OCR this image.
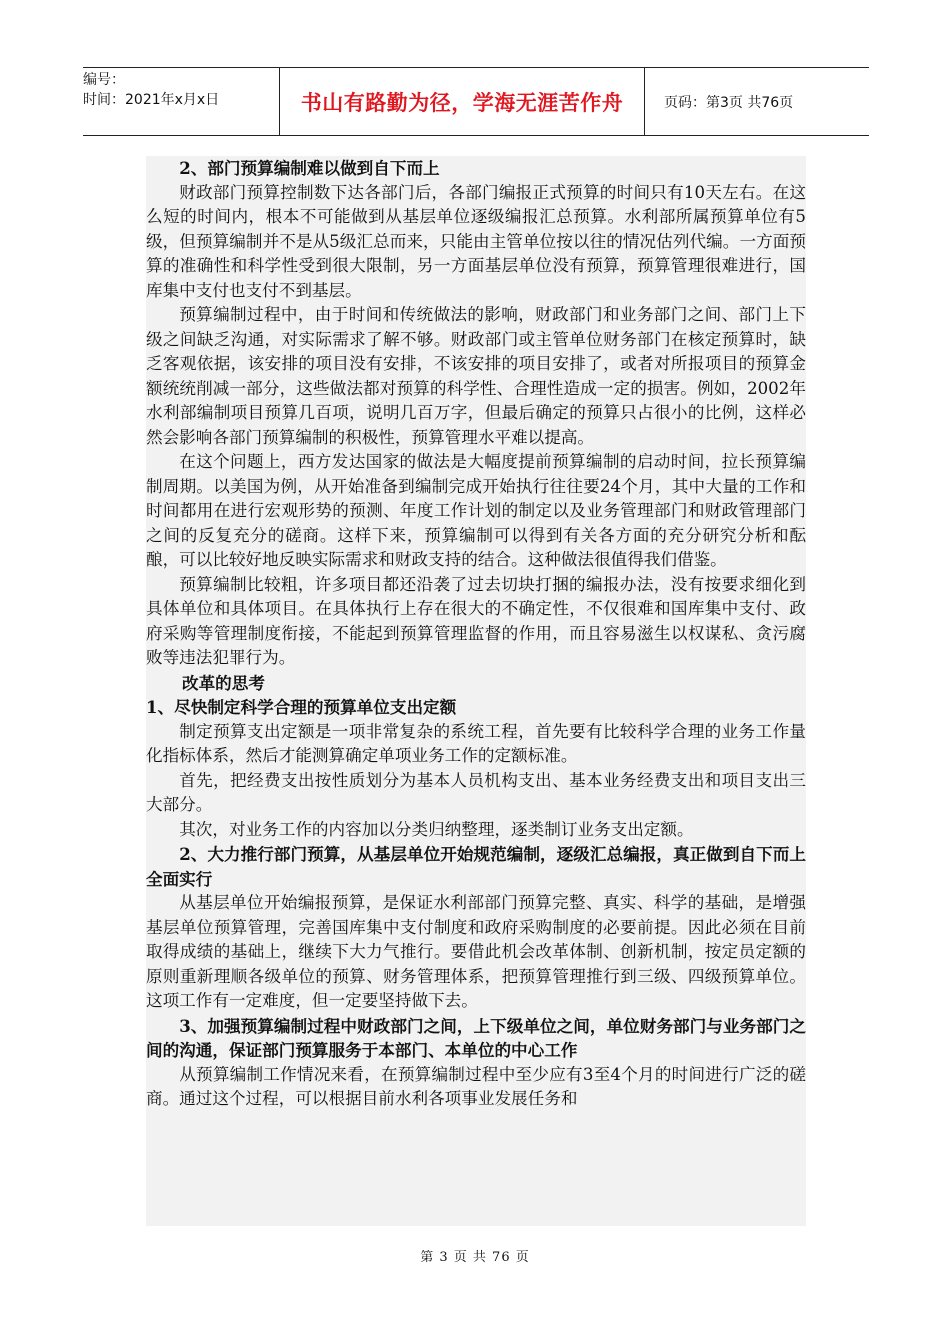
编号：
时间：2021年x月x日	书山有路勤为径，学海无涯苦作舟	页码：第3页 共76页

2、部门预算编制难以做到自下而上

财政部门预算控制数下达各部门后，各部门编报正式预算的时间只有10天左右。在这么短的时间内，根本不可能做到从基层单位逐级编报汇总预算。水利部所属预算单位有5级，但预算编制并不是从5级汇总而来，只能由主管单位按以往的情况估列代编。一方面预算的准确性和科学性受到很大限制，另一方面基层单位没有预算，预算管理很难进行，国库集中支付也支付不到基层。

预算编制过程中，由于时间和传统做法的影响，财政部门和业务部门之间、部门上下级之间缺乏沟通，对实际需求了解不够。财政部门或主管单位财务部门在核定预算时，缺乏客观依据，该安排的项目没有安排，不该安排的项目安排了，或者对所报项目的预算金额统统削减一部分，这些做法都对预算的科学性、合理性造成一定的损害。例如，2002年水利部编制项目预算几百项，说明几百万字，但最后确定的预算只占很小的比例，这样必然会影响各部门预算编制的积极性，预算管理水平难以提高。

在这个问题上，西方发达国家的做法是大幅度提前预算编制的启动时间，拉长预算编制周期。以美国为例，从开始准备到编制完成开始执行往往要24个月，其中大量的工作和时间都用在进行宏观形势的预测、年度工作计划的制定以及业务管理部门和财政管理部门之间的反复充分的磋商。这样下来，预算编制可以得到有关各方面的充分研究分析和酝酿，可以比较好地反映实际需求和财政支持的结合。这种做法很值得我们借鉴。

预算编制比较粗，许多项目都还沿袭了过去切块打捆的编报办法，没有按要求细化到具体单位和具体项目。在具体执行上存在很大的不确定性，不仅很难和国库集中支付、政府采购等管理制度衔接，不能起到预算管理监督的作用，而且容易滋生以权谋私、贪污腐败等违法犯罪行为。

改革的思考

1、尽快制定科学合理的预算单位支出定额

制定预算支出定额是一项非常复杂的系统工程，首先要有比较科学合理的业务工作量化指标体系，然后才能测算确定单项业务工作的定额标准。

首先，把经费支出按性质划分为基本人员机构支出、基本业务经费支出和项目支出三大部分。

其次，对业务工作的内容加以分类归纳整理，逐类制订业务支出定额。

2、大力推行部门预算，从基层单位开始规范编制，逐级汇总编报，真正做到自下而上全面实行

从基层单位开始编报预算，是保证水利部部门预算完整、真实、科学的基础，是增强基层单位预算管理，完善国库集中支付制度和政府采购制度的必要前提。因此必须在目前取得成绩的基础上，继续下大力气推行。要借此机会改革体制、创新机制，按定员定额的原则重新理顺各级单位的预算、财务管理体系，把预算管理推行到三级、四级预算单位。这项工作有一定难度，但一定要坚持做下去。

3、加强预算编制过程中财政部门之间，上下级单位之间，单位财务部门与业务部门之间的沟通，保证部门预算服务于本部门、本单位的中心工作

从预算编制工作情况来看，在预算编制过程中至少应有3至4个月的时间进行广泛的磋商。通过这个过程，可以根据目前水利各项事业发展任务和

第 3 页 共 76 页
